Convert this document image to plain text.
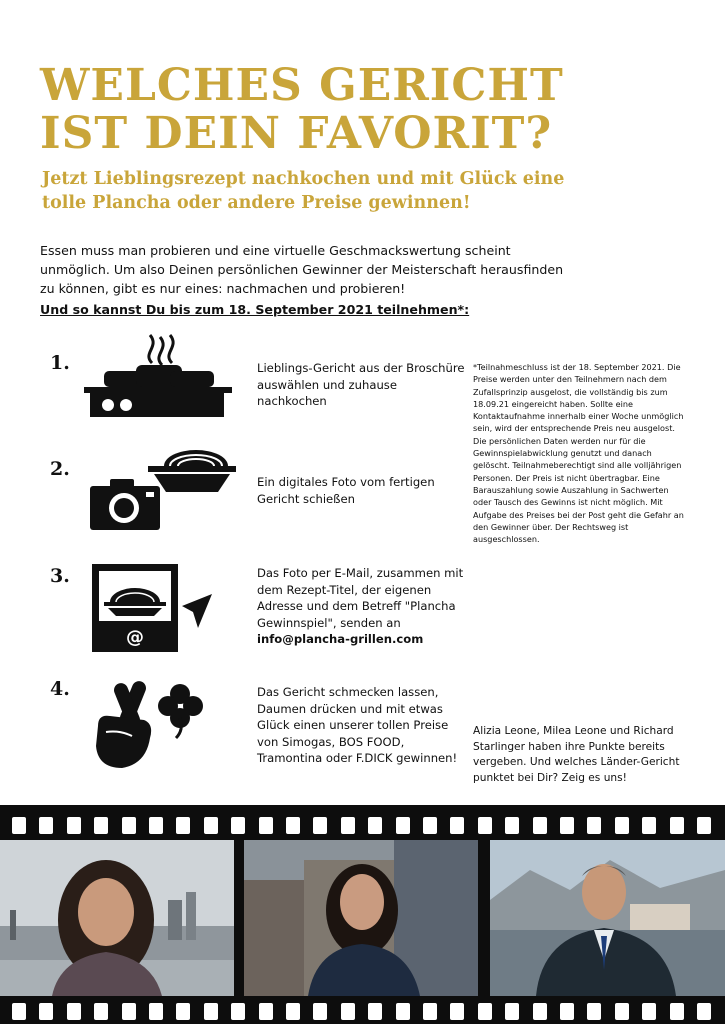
WELCHES GERICHT IST DEIN FAVORIT?
Jetzt Lieblingsrezept nachkochen und mit Glück eine tolle Plancha oder andere Preise gewinnen!

Essen muss man probieren und eine virtuelle Geschmackswertung scheint unmöglich. Um also Deinen persönlichen Gewinner der Meisterschaft herausfinden zu können, gibt es nur eines: nachmachen und probieren!

Und so kannst Du bis zum 18. September 2021 teilnehmen*:

1.	Lieblings-Gericht aus der Broschüre auswählen und zuhause nachkochen

2.

Ein digitales Foto vom fertigen Gericht schießen

3.
@

Das Foto per E-Mail, zusammen mit dem Rezept-Titel, der eigenen Adresse und dem Betreff "Plancha Gewinnspiel", senden an info@plancha-grillen.com

4.	Das Gericht schmecken lassen, Daumen drücken und mit etwas Glück einen unserer tollen Preise von Simogas, BOS FOOD, Tramontina oder F.DICK gewinnen!

*Teilnahmeschluss ist der 18. September 2021. Die Preise werden unter den Teilnehmern nach dem Zufallsprinzip ausgelost, die vollständig bis zum 18.09.21 eingereicht haben. Sollte eine Kontaktaufnahme innerhalb einer Woche unmöglich sein, wird der entsprechende Preis neu ausgelost. Die persönlichen Daten werden nur für die Gewinnspielabwicklung genutzt und danach gelöscht. Teilnahmeberechtigt sind alle volljährigen Personen. Der Preis ist nicht übertragbar. Eine Barauszahlung sowie Auszahlung in Sachwerten oder Tausch des Gewinns ist nicht möglich. Mit Aufgabe des Preises bei der Post geht die Gefahr an den Gewinner über. Der Rechtsweg ist ausgeschlossen.

Alizia Leone, Milea Leone und Richard Starlinger haben ihre Punkte bereits vergeben. Und welches Länder-Gericht punktet bei Dir? Zeig es uns!
